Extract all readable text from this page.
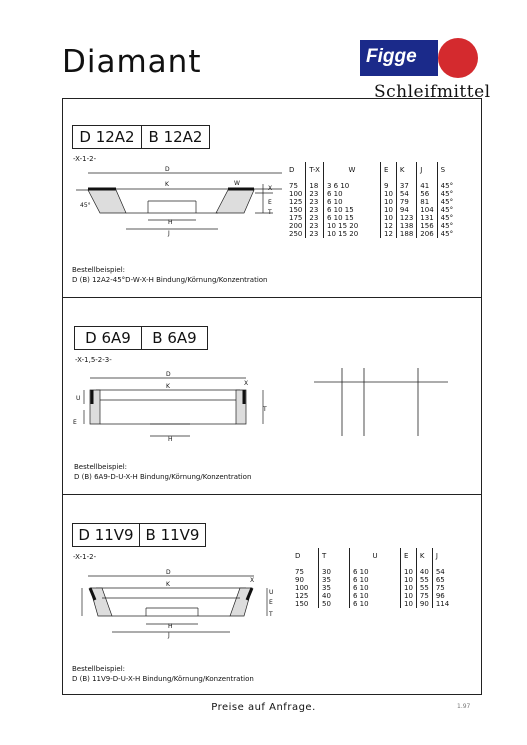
Diamant	Figge
Schleifmittel
D 12A2 B 12A2
-X-1-2-
D
K	W
X
E
T
H
J
45°
D	T-X	W	E	K	J	S
75	18	3 6 10	9	37	41	45°
100	23	6 10	10	54	56	45°
125	23	6 10	10	79	81	45°
150	23	6 10 15	10	94	104	45°
175	23	6 10 15	10	123	131	45°
200	23	10 15 20	12	138	156	45°
250	23	10 15 20	12	188	206	45°
Bestellbeispiel:
D (B) 12A2-45°D-W-X-H Bindung/Körnung/Konzentration
D 6A9	B 6A9
-X-1,5-2-3-
D
K	X
U
E
T
H
Bestellbeispiel:
D (B) 6A9-D-U-X-H Bindung/Körnung/Konzentration
D 11V9 B 11V9
-X-1-2-
D
K
X
U
E
T
H
J
D	T	U	E	K	J
75	30	6 10	10	40	54
90	35	6 10	10	55	65
100	35	6 10	10	55	75
125	40	6 10	10	75	96
150	50	6 10	10	90	114
Bestellbeispiel:
D (B) 11V9-D-U-X-H Bindung/Körnung/Konzentration
Preise auf Anfrage.	1.97
